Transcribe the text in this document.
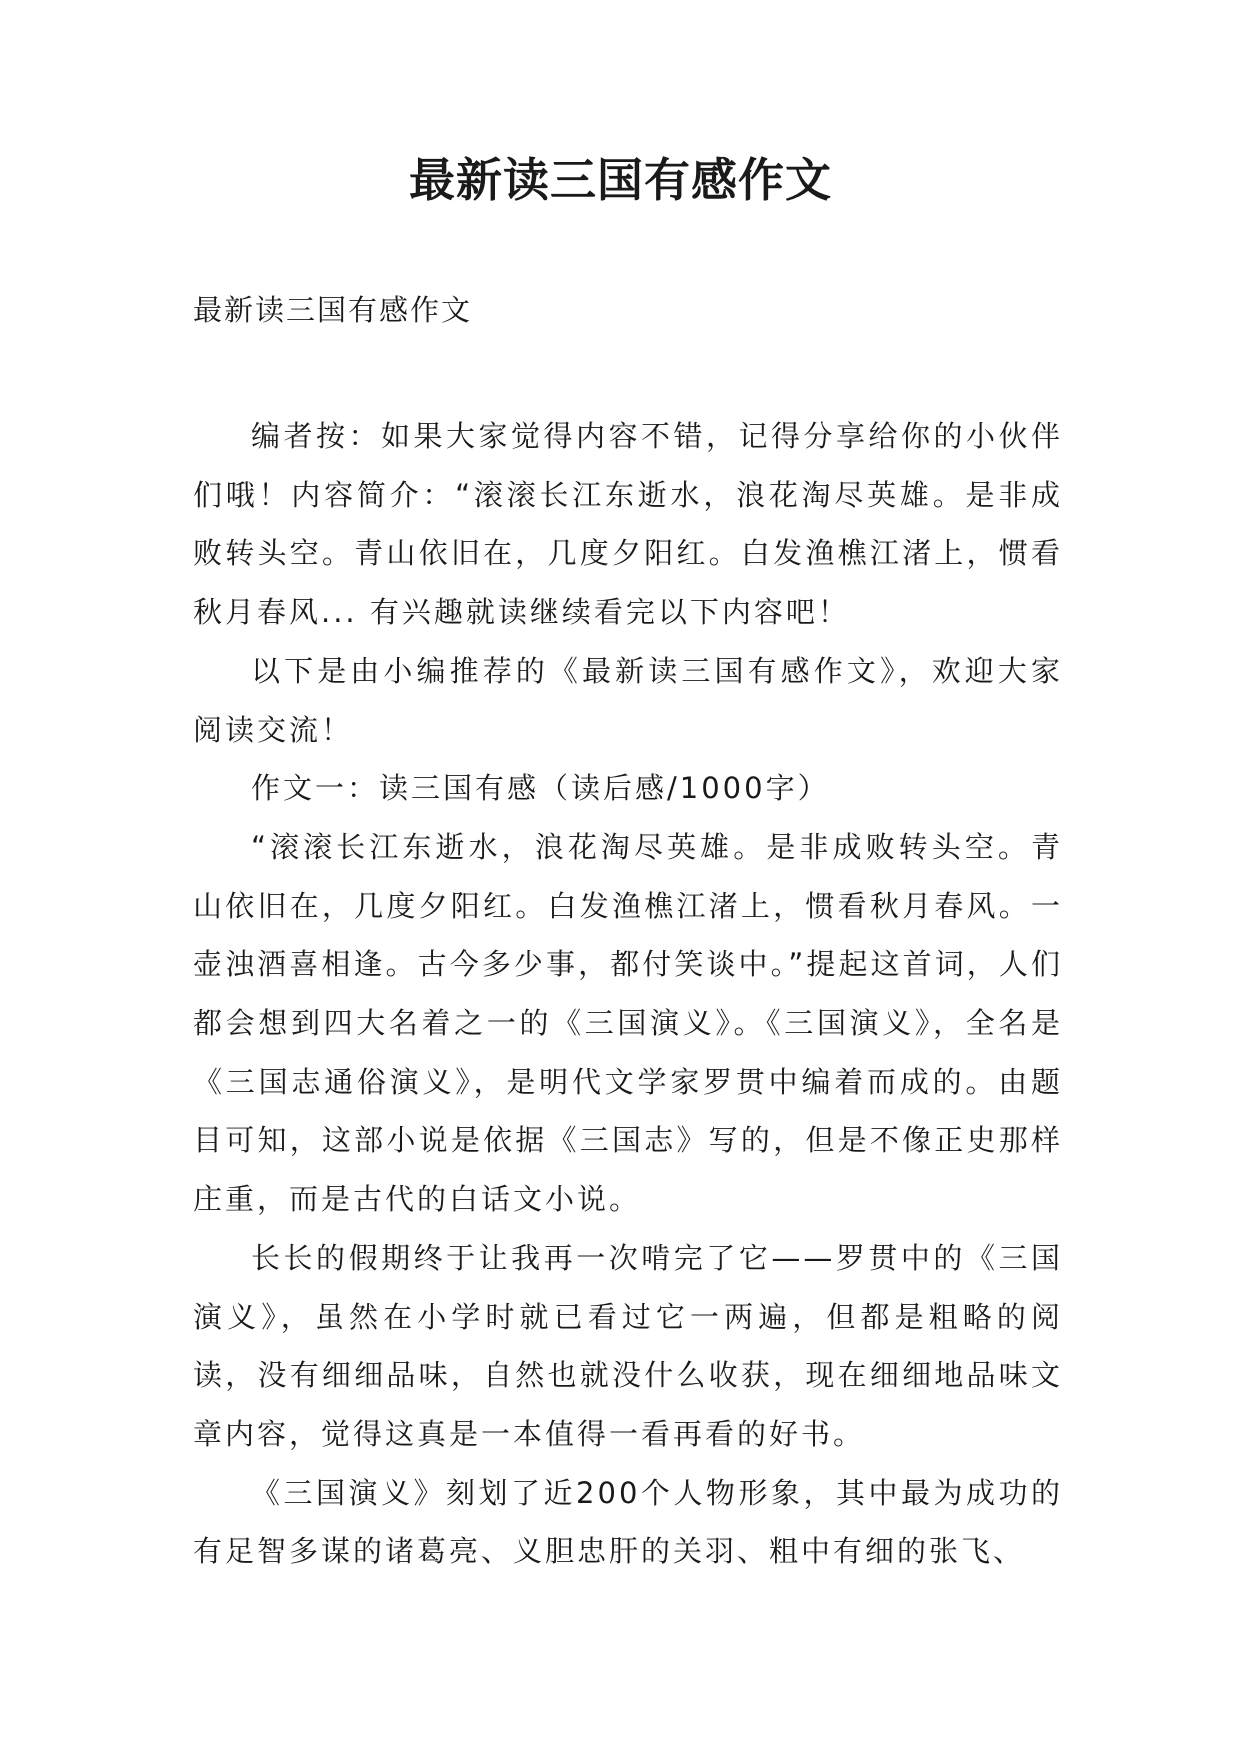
最新读三国有感作文
最新读三国有感作文

编者按：如果大家觉得内容不错，记得分享给你的小伙伴们哦！内容简介：“滚滚长江东逝水，浪花淘尽英雄。是非成败转头空。青山依旧在，几度夕阳红。白发渔樵江渚上，惯看秋月春风... 有兴趣就读继续看完以下内容吧！

以下是由小编推荐的《最新读三国有感作文》，欢迎大家阅读交流！

作文一：读三国有感（读后感/1000字）

“滚滚长江东逝水，浪花淘尽英雄。是非成败转头空。青山依旧在，几度夕阳红。白发渔樵江渚上，惯看秋月春风。一壶浊酒喜相逢。古今多少事，都付笑谈中。”提起这首词，人们都会想到四大名着之一的《三国演义》。《三国演义》，全名是《三国志通俗演义》，是明代文学家罗贯中编着而成的。由题目可知，这部小说是依据《三国志》写的，但是不像正史那样庄重，而是古代的白话文小说。

长长的假期终于让我再一次啃完了它——罗贯中的《三国演义》，虽然在小学时就已看过它一两遍，但都是粗略的阅读，没有细细品味，自然也就没什么收获，现在细细地品味文章内容，觉得这真是一本值得一看再看的好书。

《三国演义》刻划了近200个人物形象，其中最为成功的有足智多谋的诸葛亮、义胆忠肝的关羽、粗中有细的张飞、
